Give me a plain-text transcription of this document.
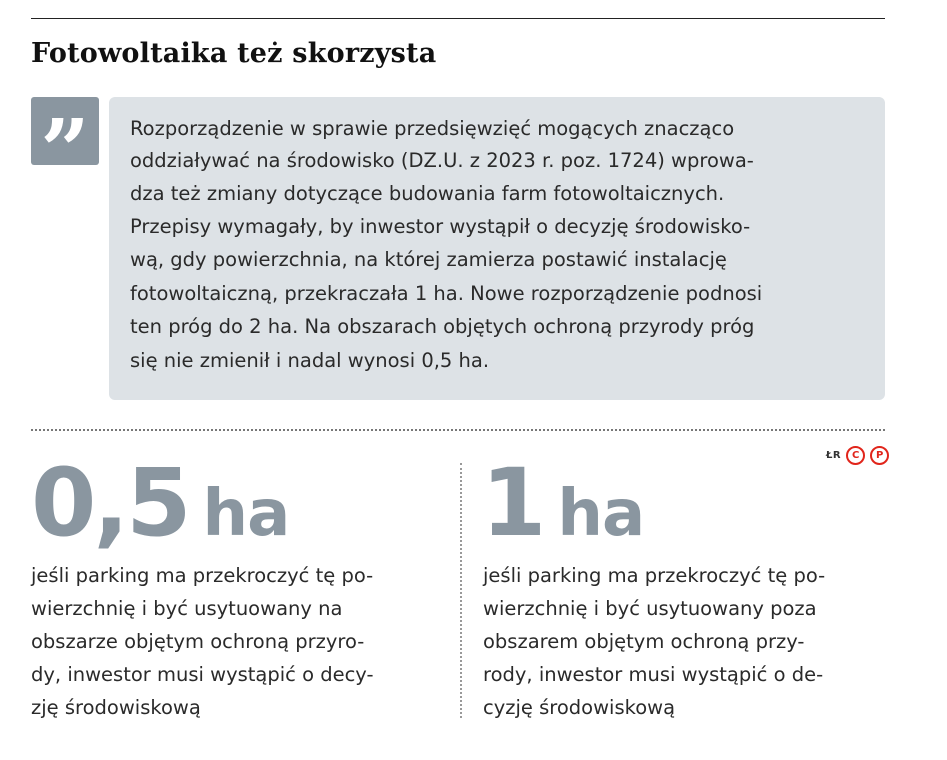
Fotowoltaika też skorzysta
”	Rozporządzenie w sprawie przedsięwzięć mogących znacząco
oddziaływać na środowisko (DZ.U. z 2023 r. poz. 1724) wprowa-
dza też zmiany dotyczące budowania farm fotowoltaicznych.
Przepisy wymagały, by inwestor wystąpił o decyzję środowisko-
wą, gdy powierzchnia, na której zamierza postawić instalację
fotowoltaiczną, przekraczała 1 ha. Nowe rozporządzenie podnosi
ten próg do 2 ha. Na obszarach objętych ochroną przyrody próg
się nie zmienił i nadal wynosi 0,5 ha.
ŁR	C	P
0,5 ha
jeśli parking ma przekroczyć tę po-
wierzchnię i być usytuowany na
obszarze objętym ochroną przyro-
dy, inwestor musi wystąpić o decy-
zję środowiskową
1 ha
jeśli parking ma przekroczyć tę po-
wierzchnię i być usytuowany poza
obszarem objętym ochroną przy-
rody, inwestor musi wystąpić o de-
cyzję środowiskową
